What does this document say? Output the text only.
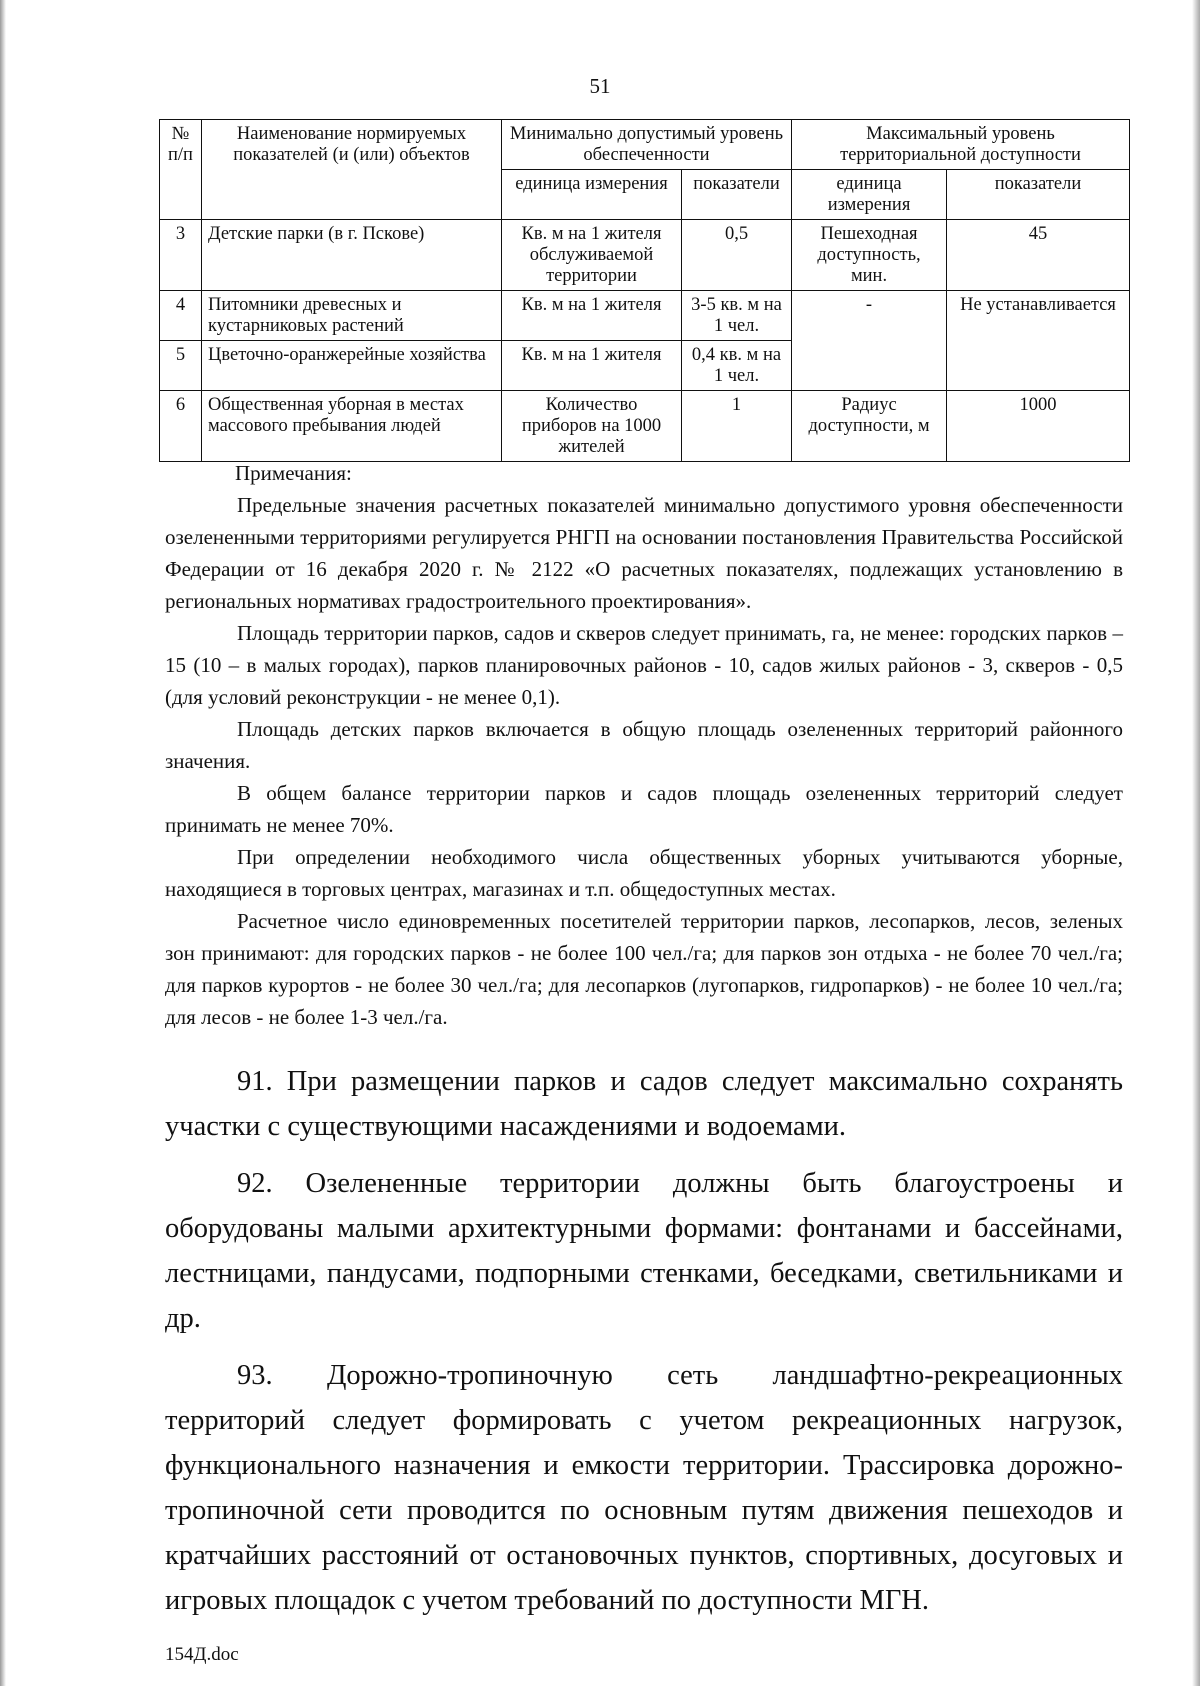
51
№ п/п	Наименование нормируемых показателей (и (или) объектов	Минимально допустимый уровень обеспеченности		Максимальный уровень территориальной доступности	
		единица измерения	показатели	единица измерения	показатели
3	Детские парки (в г. Пскове)	Кв. м на 1 жителя обслуживаемой территории	0,5	Пешеходная доступность, мин.	45
4	Питомники древесных и кустарниковых растений	Кв. м на 1 жителя	3-5 кв. м на 1 чел.	-	Не устанавливается
5	Цветочно-оранжерейные хозяйства	Кв. м на 1 жителя	0,4 кв. м на 1 чел.		
6	Общественная уборная в местах массового пребывания людей	Количество приборов на 1000 жителей	1	Радиус доступности, м	1000

Примечания:

Предельные значения расчетных показателей минимально допустимого уровня обеспеченности озелененными территориями регулируется РНГП на основании постановления Правительства Российской Федерации от 16 декабря 2020 г. № 2122 «О расчетных показателях, подлежащих установлению в региональных нормативах градостроительного проектирования».

Площадь территории парков, садов и скверов следует принимать, га, не менее: городских парков – 15 (10 – в малых городах), парков планировочных районов - 10, садов жилых районов - 3, скверов - 0,5 (для условий реконструкции - не менее 0,1).

Площадь детских парков включается в общую площадь озелененных территорий районного значения.

В общем балансе территории парков и садов площадь озелененных территорий следует принимать не менее 70%.

При определении необходимого числа общественных уборных учитываются уборные, находящиеся в торговых центрах, магазинах и т.п. общедоступных местах.

Расчетное число единовременных посетителей территории парков, лесопарков, лесов, зеленых зон принимают: для городских парков - не более 100 чел./га; для парков зон отдыха - не более 70 чел./га; для парков курортов - не более 30 чел./га; для лесопарков (лугопарков, гидропарков) - не более 10 чел./га; для лесов - не более 1-3 чел./га.

91. При размещении парков и садов следует максимально сохранять участки с существующими насаждениями и водоемами.

92. Озелененные территории должны быть благоустроены и оборудованы малыми архитектурными формами: фонтанами и бассейнами, лестницами, пандусами, подпорными стенками, беседками, светильниками и др.

93. Дорожно-тропиночную сеть ландшафтно-рекреационных территорий следует формировать с учетом рекреационных нагрузок, функционального назначения и емкости территории. Трассировка дорожно-тропиночной сети проводится по основным путям движения пешеходов и кратчайших расстояний от остановочных пунктов, спортивных, досуговых и игровых площадок с учетом требований по доступности МГН.

154Д.doc
